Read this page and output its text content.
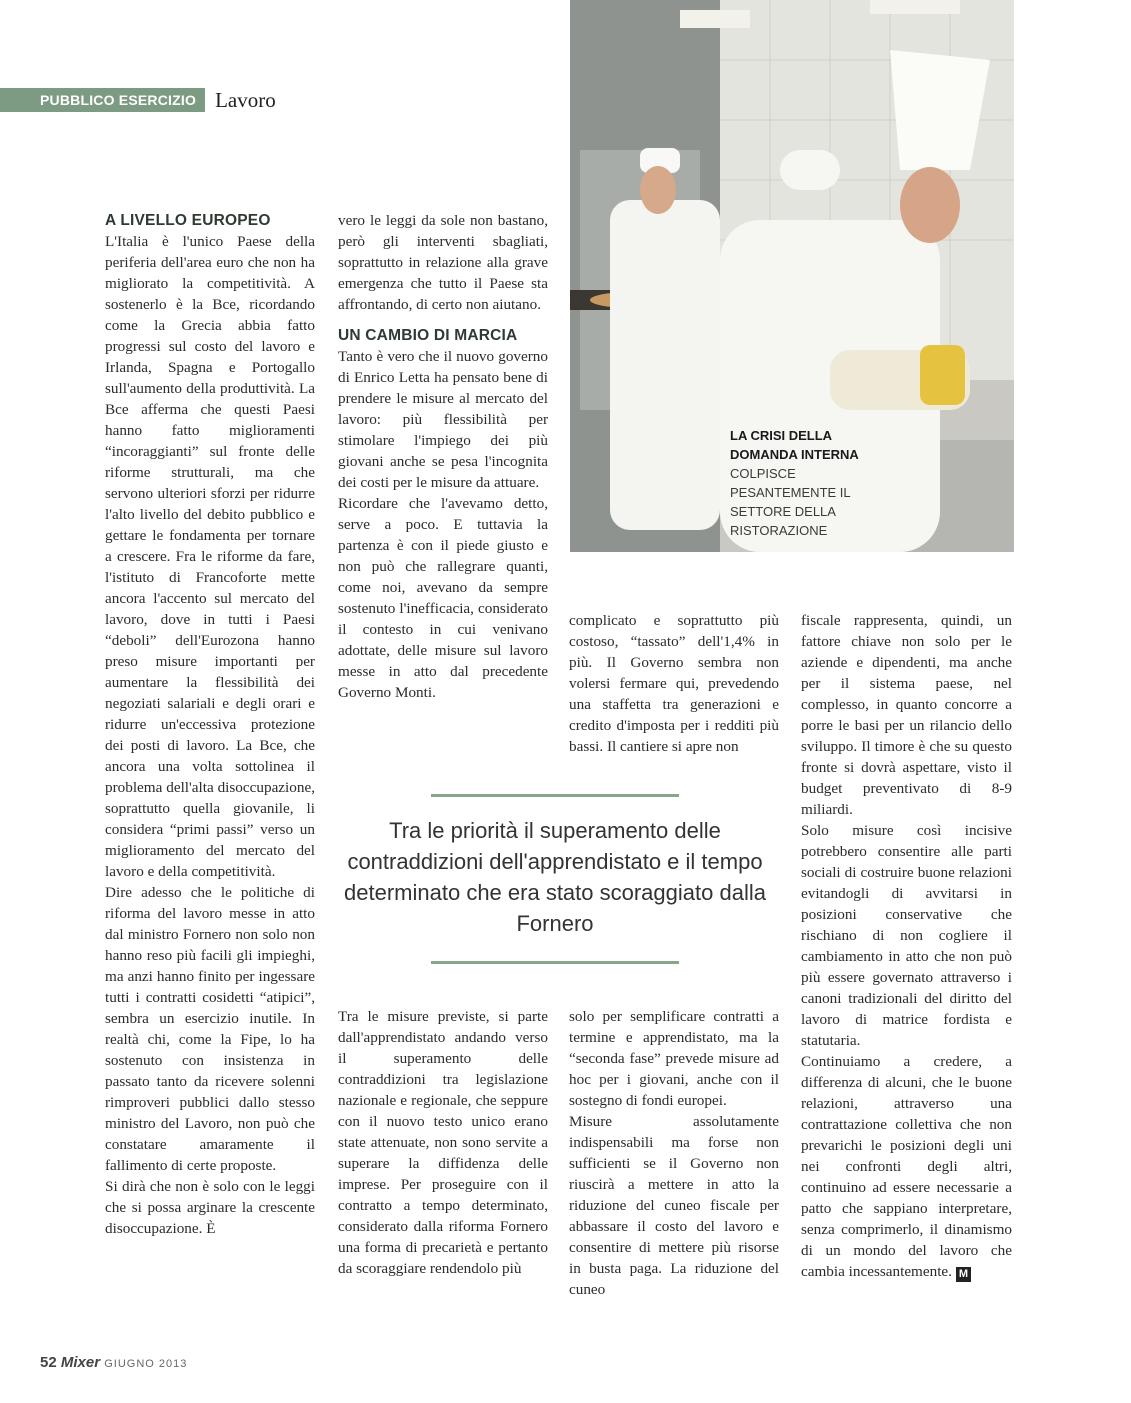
PUBBLICO ESERCIZIO Lavoro
LA CRISI DELLA DOMANDA INTERNA COLPISCE PESANTEMENTE IL SETTORE DELLA RISTORAZIONE

A LIVELLO EUROPEO

L'Italia è l'unico Paese della periferia dell'area euro che non ha migliorato la competitività. A sostenerlo è la Bce, ricordando come la Grecia abbia fatto progressi sul costo del lavoro e Irlanda, Spagna e Portogallo sull'aumento della produttività. La Bce afferma che questi Paesi hanno fatto miglioramenti “incoraggianti” sul fronte delle riforme strutturali, ma che servono ulteriori sforzi per ridurre l'alto livello del debito pubblico e gettare le fondamenta per tornare a crescere. Fra le riforme da fare, l'istituto di Francoforte mette ancora l'accento sul mercato del lavoro, dove in tutti i Paesi “deboli” dell'Eurozona hanno preso misure importanti per aumentare la flessibilità dei negoziati salariali e degli orari e ridurre un'eccessiva protezione dei posti di lavoro. La Bce, che ancora una volta sottolinea il problema dell'alta disoccupazione, soprattutto quella giovanile, li considera “primi passi” verso un miglioramento del mercato del lavoro e della competitività.

Dire adesso che le politiche di riforma del lavoro messe in atto dal ministro Fornero non solo non hanno reso più facili gli impieghi, ma anzi hanno finito per ingessare tutti i contratti cosidetti “atipici”, sembra un esercizio inutile. In realtà chi, come la Fipe, lo ha sostenuto con insistenza in passato tanto da ricevere solenni rimproveri pubblici dallo stesso ministro del Lavoro, non può che constatare amaramente il fallimento di certe proposte.

Si dirà che non è solo con le leggi che si possa arginare la crescente disoccupazione. È

vero le leggi da sole non bastano, però gli interventi sbagliati, soprattutto in relazione alla grave emergenza che tutto il Paese sta affrontando, di certo non aiutano.

UN CAMBIO DI MARCIA

Tanto è vero che il nuovo governo di Enrico Letta ha pensato bene di prendere le misure al mercato del lavoro: più flessibilità per stimolare l'impiego dei più giovani anche se pesa l'incognita dei costi per le misure da attuare.

Ricordare che l'avevamo detto, serve a poco. E tuttavia la partenza è con il piede giusto e non può che rallegrare quanti, come noi, avevano da sempre sostenuto l'inefficacia, considerato il contesto in cui venivano adottate, delle misure sul lavoro messe in atto dal precedente Governo Monti.

complicato e soprattutto più costoso, “tassato” dell'1,4% in più. Il Governo sembra non volersi fermare qui, prevedendo una staffetta tra generazioni e credito d'imposta per i redditi più bassi. Il cantiere si apre non

Tra le priorità il superamento delle contraddizioni dell'apprendistato e il tempo determinato che era stato scoraggiato dalla Fornero

Tra le misure previste, si parte dall'apprendistato andando verso il superamento delle contraddizioni tra legislazione nazionale e regionale, che seppure con il nuovo testo unico erano state attenuate, non sono servite a superare la diffidenza delle imprese. Per proseguire con il contratto a tempo determinato, considerato dalla riforma Fornero una forma di precarietà e pertanto da scoraggiare rendendolo più

solo per semplificare contratti a termine e apprendistato, ma la “seconda fase” prevede misure ad hoc per i giovani, anche con il sostegno di fondi europei.

Misure assolutamente indispensabili ma forse non sufficienti se il Governo non riuscirà a mettere in atto la riduzione del cuneo fiscale per abbassare il costo del lavoro e consentire di mettere più risorse in busta paga. La riduzione del cuneo

fiscale rappresenta, quindi, un fattore chiave non solo per le aziende e dipendenti, ma anche per il sistema paese, nel complesso, in quanto concorre a porre le basi per un rilancio dello sviluppo. Il timore è che su questo fronte si dovrà aspettare, visto il budget preventivato di 8-9 miliardi.

Solo misure così incisive potrebbero consentire alle parti sociali di costruire buone relazioni evitandogli di avvitarsi in posizioni conservative che rischiano di non cogliere il cambiamento in atto che non può più essere governato attraverso i canoni tradizionali del diritto del lavoro di matrice fordista e statutaria.

Continuiamo a credere, a differenza di alcuni, che le buone relazioni, attraverso una contrattazione collettiva che non prevarichi le posizioni degli uni nei confronti degli altri, continuino ad essere necessarie a patto che sappiano interpretare, senza comprimerlo, il dinamismo di un mondo del lavoro che cambia incessantemente. M

52 Mixer GIUGNO 2013
